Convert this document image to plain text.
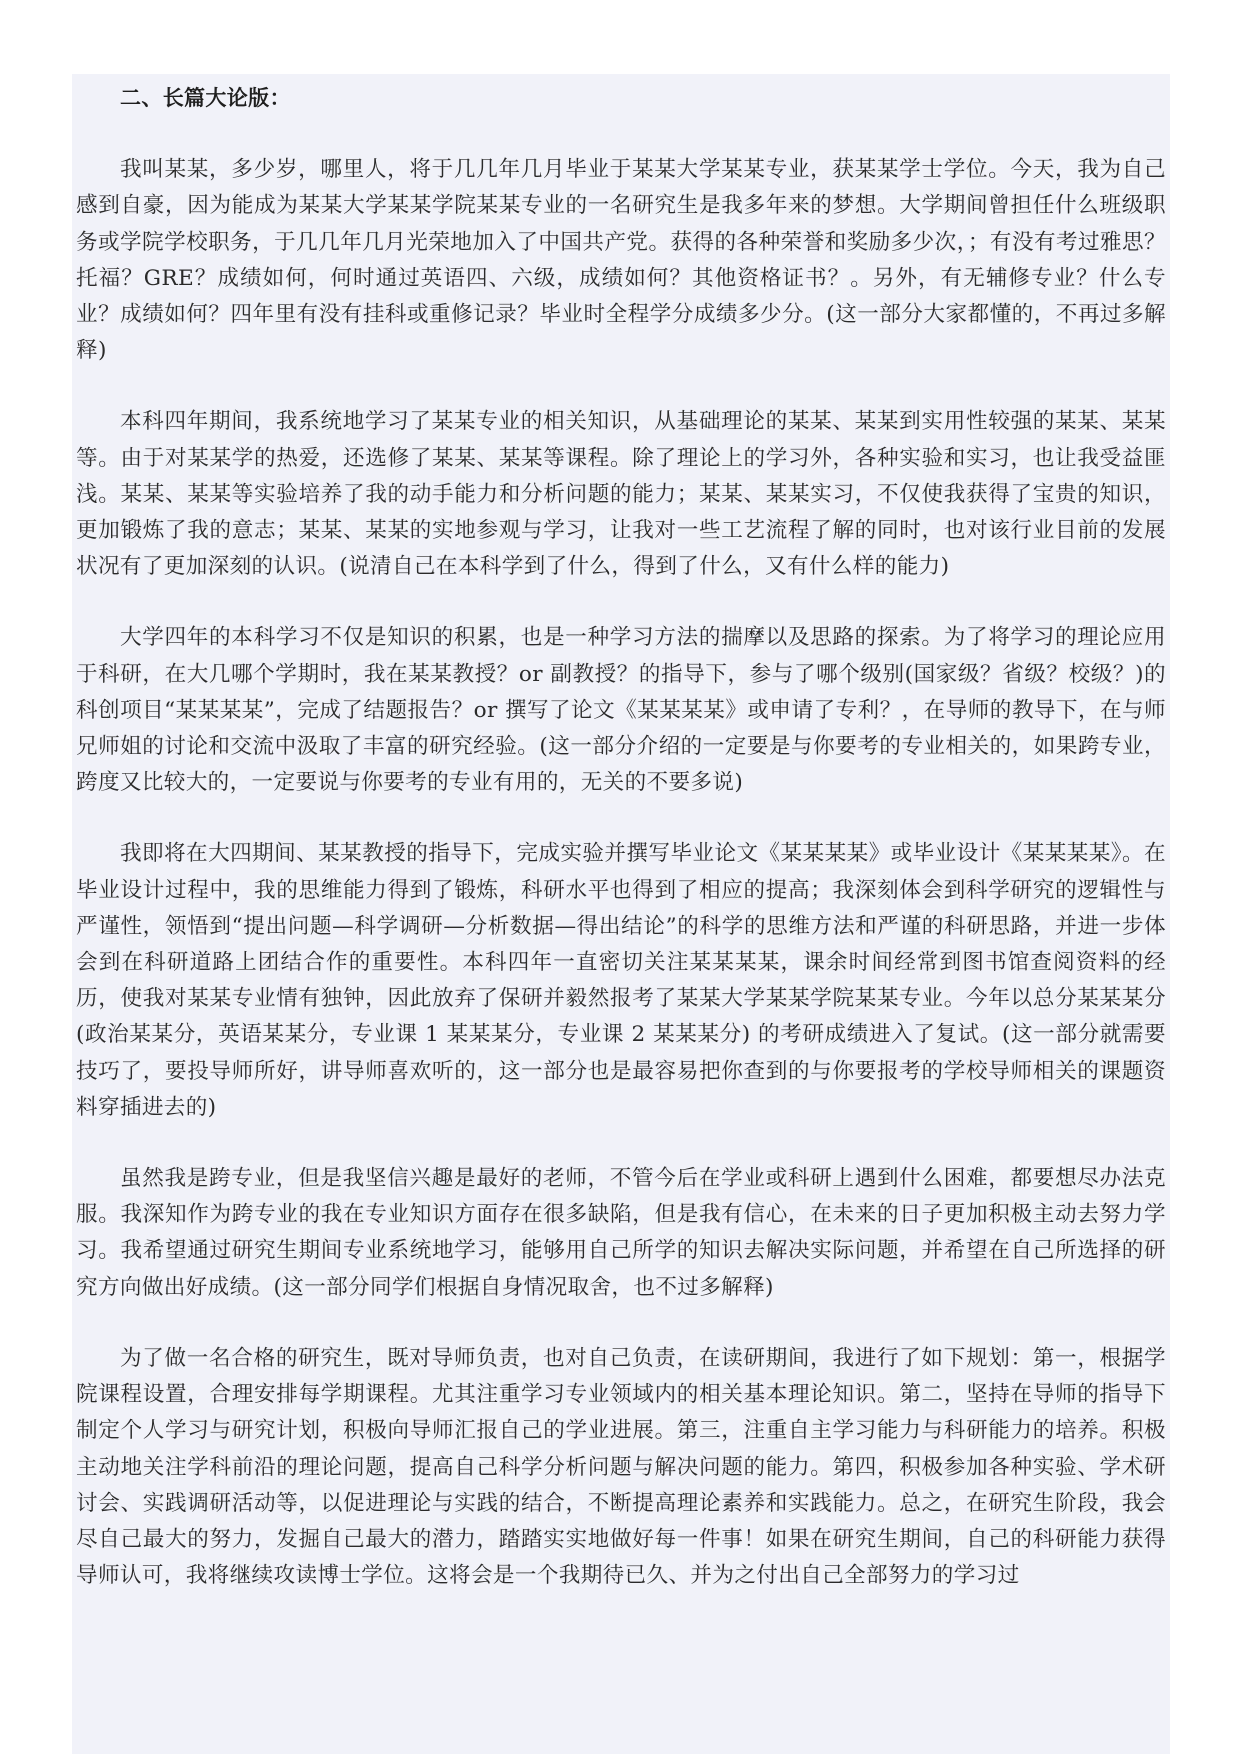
二、长篇大论版：

我叫某某，多少岁，哪里人，将于几几年几月毕业于某某大学某某专业，获某某学士学位。今天，我为自己感到自豪，因为能成为某某大学某某学院某某专业的一名研究生是我多年来的梦想。大学期间曾担任什么班级职务或学院学校职务，于几几年几月光荣地加入了中国共产党。获得的各种荣誉和奖励多少次，；有没有考过雅思？托福？GRE？成绩如何，何时通过英语四、六级，成绩如何？其他资格证书？。另外，有无辅修专业？什么专业？成绩如何？四年里有没有挂科或重修记录？毕业时全程学分成绩多少分。(这一部分大家都懂的，不再过多解释)

本科四年期间，我系统地学习了某某专业的相关知识，从基础理论的某某、某某到实用性较强的某某、某某等。由于对某某学的热爱，还选修了某某、某某等课程。除了理论上的学习外，各种实验和实习，也让我受益匪浅。某某、某某等实验培养了我的动手能力和分析问题的能力；某某、某某实习，不仅使我获得了宝贵的知识，更加锻炼了我的意志；某某、某某的实地参观与学习，让我对一些工艺流程了解的同时，也对该行业目前的发展状况有了更加深刻的认识。(说清自己在本科学到了什么，得到了什么，又有什么样的能力)

大学四年的本科学习不仅是知识的积累，也是一种学习方法的揣摩以及思路的探索。为了将学习的理论应用于科研，在大几哪个学期时，我在某某教授？or 副教授？的指导下，参与了哪个级别(国家级？省级？校级？)的科创项目“某某某某”，完成了结题报告？or 撰写了论文《某某某某》或申请了专利？，在导师的教导下，在与师兄师姐的讨论和交流中汲取了丰富的研究经验。(这一部分介绍的一定要是与你要考的专业相关的，如果跨专业，跨度又比较大的，一定要说与你要考的专业有用的，无关的不要多说)

我即将在大四期间、某某教授的指导下，完成实验并撰写毕业论文《某某某某》或毕业设计《某某某某》。在毕业设计过程中，我的思维能力得到了锻炼，科研水平也得到了相应的提高；我深刻体会到科学研究的逻辑性与严谨性，领悟到“提出问题—科学调研—分析数据—得出结论”的科学的思维方法和严谨的科研思路，并进一步体会到在科研道路上团结合作的重要性。本科四年一直密切关注某某某某，课余时间经常到图书馆查阅资料的经历，使我对某某专业情有独钟，因此放弃了保研并毅然报考了某某大学某某学院某某专业。今年以总分某某某分(政治某某分，英语某某分，专业课 1 某某某分，专业课 2 某某某分) 的考研成绩进入了复试。(这一部分就需要技巧了，要投导师所好，讲导师喜欢听的，这一部分也是最容易把你查到的与你要报考的学校导师相关的课题资料穿插进去的)

虽然我是跨专业，但是我坚信兴趣是最好的老师，不管今后在学业或科研上遇到什么困难，都要想尽办法克服。我深知作为跨专业的我在专业知识方面存在很多缺陷，但是我有信心，在未来的日子更加积极主动去努力学习。我希望通过研究生期间专业系统地学习，能够用自己所学的知识去解决实际问题，并希望在自己所选择的研究方向做出好成绩。(这一部分同学们根据自身情况取舍，也不过多解释)

为了做一名合格的研究生，既对导师负责，也对自己负责，在读研期间，我进行了如下规划：第一，根据学院课程设置，合理安排每学期课程。尤其注重学习专业领域内的相关基本理论知识。第二，坚持在导师的指导下制定个人学习与研究计划，积极向导师汇报自己的学业进展。第三，注重自主学习能力与科研能力的培养。积极主动地关注学科前沿的理论问题，提高自己科学分析问题与解决问题的能力。第四，积极参加各种实验、学术研讨会、实践调研活动等，以促进理论与实践的结合，不断提高理论素养和实践能力。总之，在研究生阶段，我会尽自己最大的努力，发掘自己最大的潜力，踏踏实实地做好每一件事！如果在研究生期间，自己的科研能力获得导师认可，我将继续攻读博士学位。这将会是一个我期待已久、并为之付出自己全部努力的学习过
